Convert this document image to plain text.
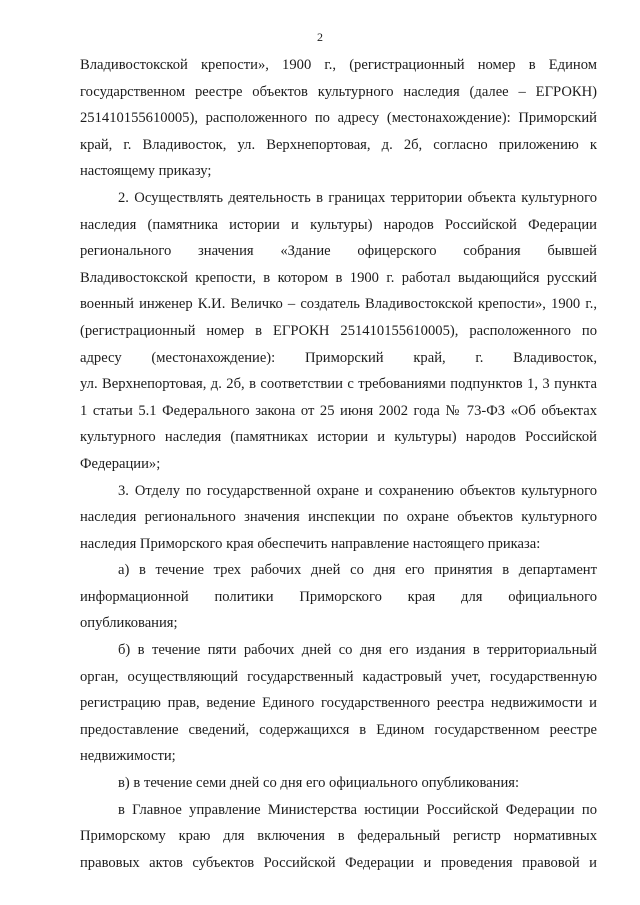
2

Владивостокской крепости», 1900 г., (регистрационный номер в Едином
государственном реестре объектов культурного наследия (далее – ЕГРОКН)
251410155610005), расположенного по адресу (местонахождение): Приморский
край, г. Владивосток, ул. Верхнепортовая, д. 2б, согласно приложению к
настоящему приказу;

2. Осуществлять деятельность в границах территории объекта культурного
наследия (памятника истории и культуры) народов Российской Федерации
регионального значения «Здание офицерского собрания бывшей
Владивостокской крепости, в котором в 1900 г. работал выдающийся русский
военный инженер К.И. Величко – создатель Владивостокской крепости», 1900 г.,
(регистрационный номер в ЕГРОКН 251410155610005), расположенного по
адресу (местонахождение): Приморский край, г. Владивосток,
ул. Верхнепортовая, д. 2б, в соответствии с требованиями подпунктов 1, 3 пункта
1 статьи 5.1 Федерального закона от 25 июня 2002 года № 73-ФЗ «Об объектах
культурного наследия (памятниках истории и культуры) народов Российской
Федерации»;

3. Отделу по государственной охране и сохранению объектов культурного
наследия регионального значения инспекции по охране объектов культурного
наследия Приморского края обеспечить направление настоящего приказа:

а) в течение трех рабочих дней со дня его принятия в департамент
информационной политики Приморского края для официального
опубликования;

б) в течение пяти рабочих дней со дня его издания в территориальный
орган, осуществляющий государственный кадастровый учет, государственную
регистрацию прав, ведение Единого государственного реестра недвижимости и
предоставление сведений, содержащихся в Едином государственном реестре
недвижимости;

в) в течение семи дней со дня его официального опубликования:

в Главное управление Министерства юстиции Российской Федерации по
Приморскому краю для включения в федеральный регистр нормативных
правовых актов субъектов Российской Федерации и проведения правовой и
